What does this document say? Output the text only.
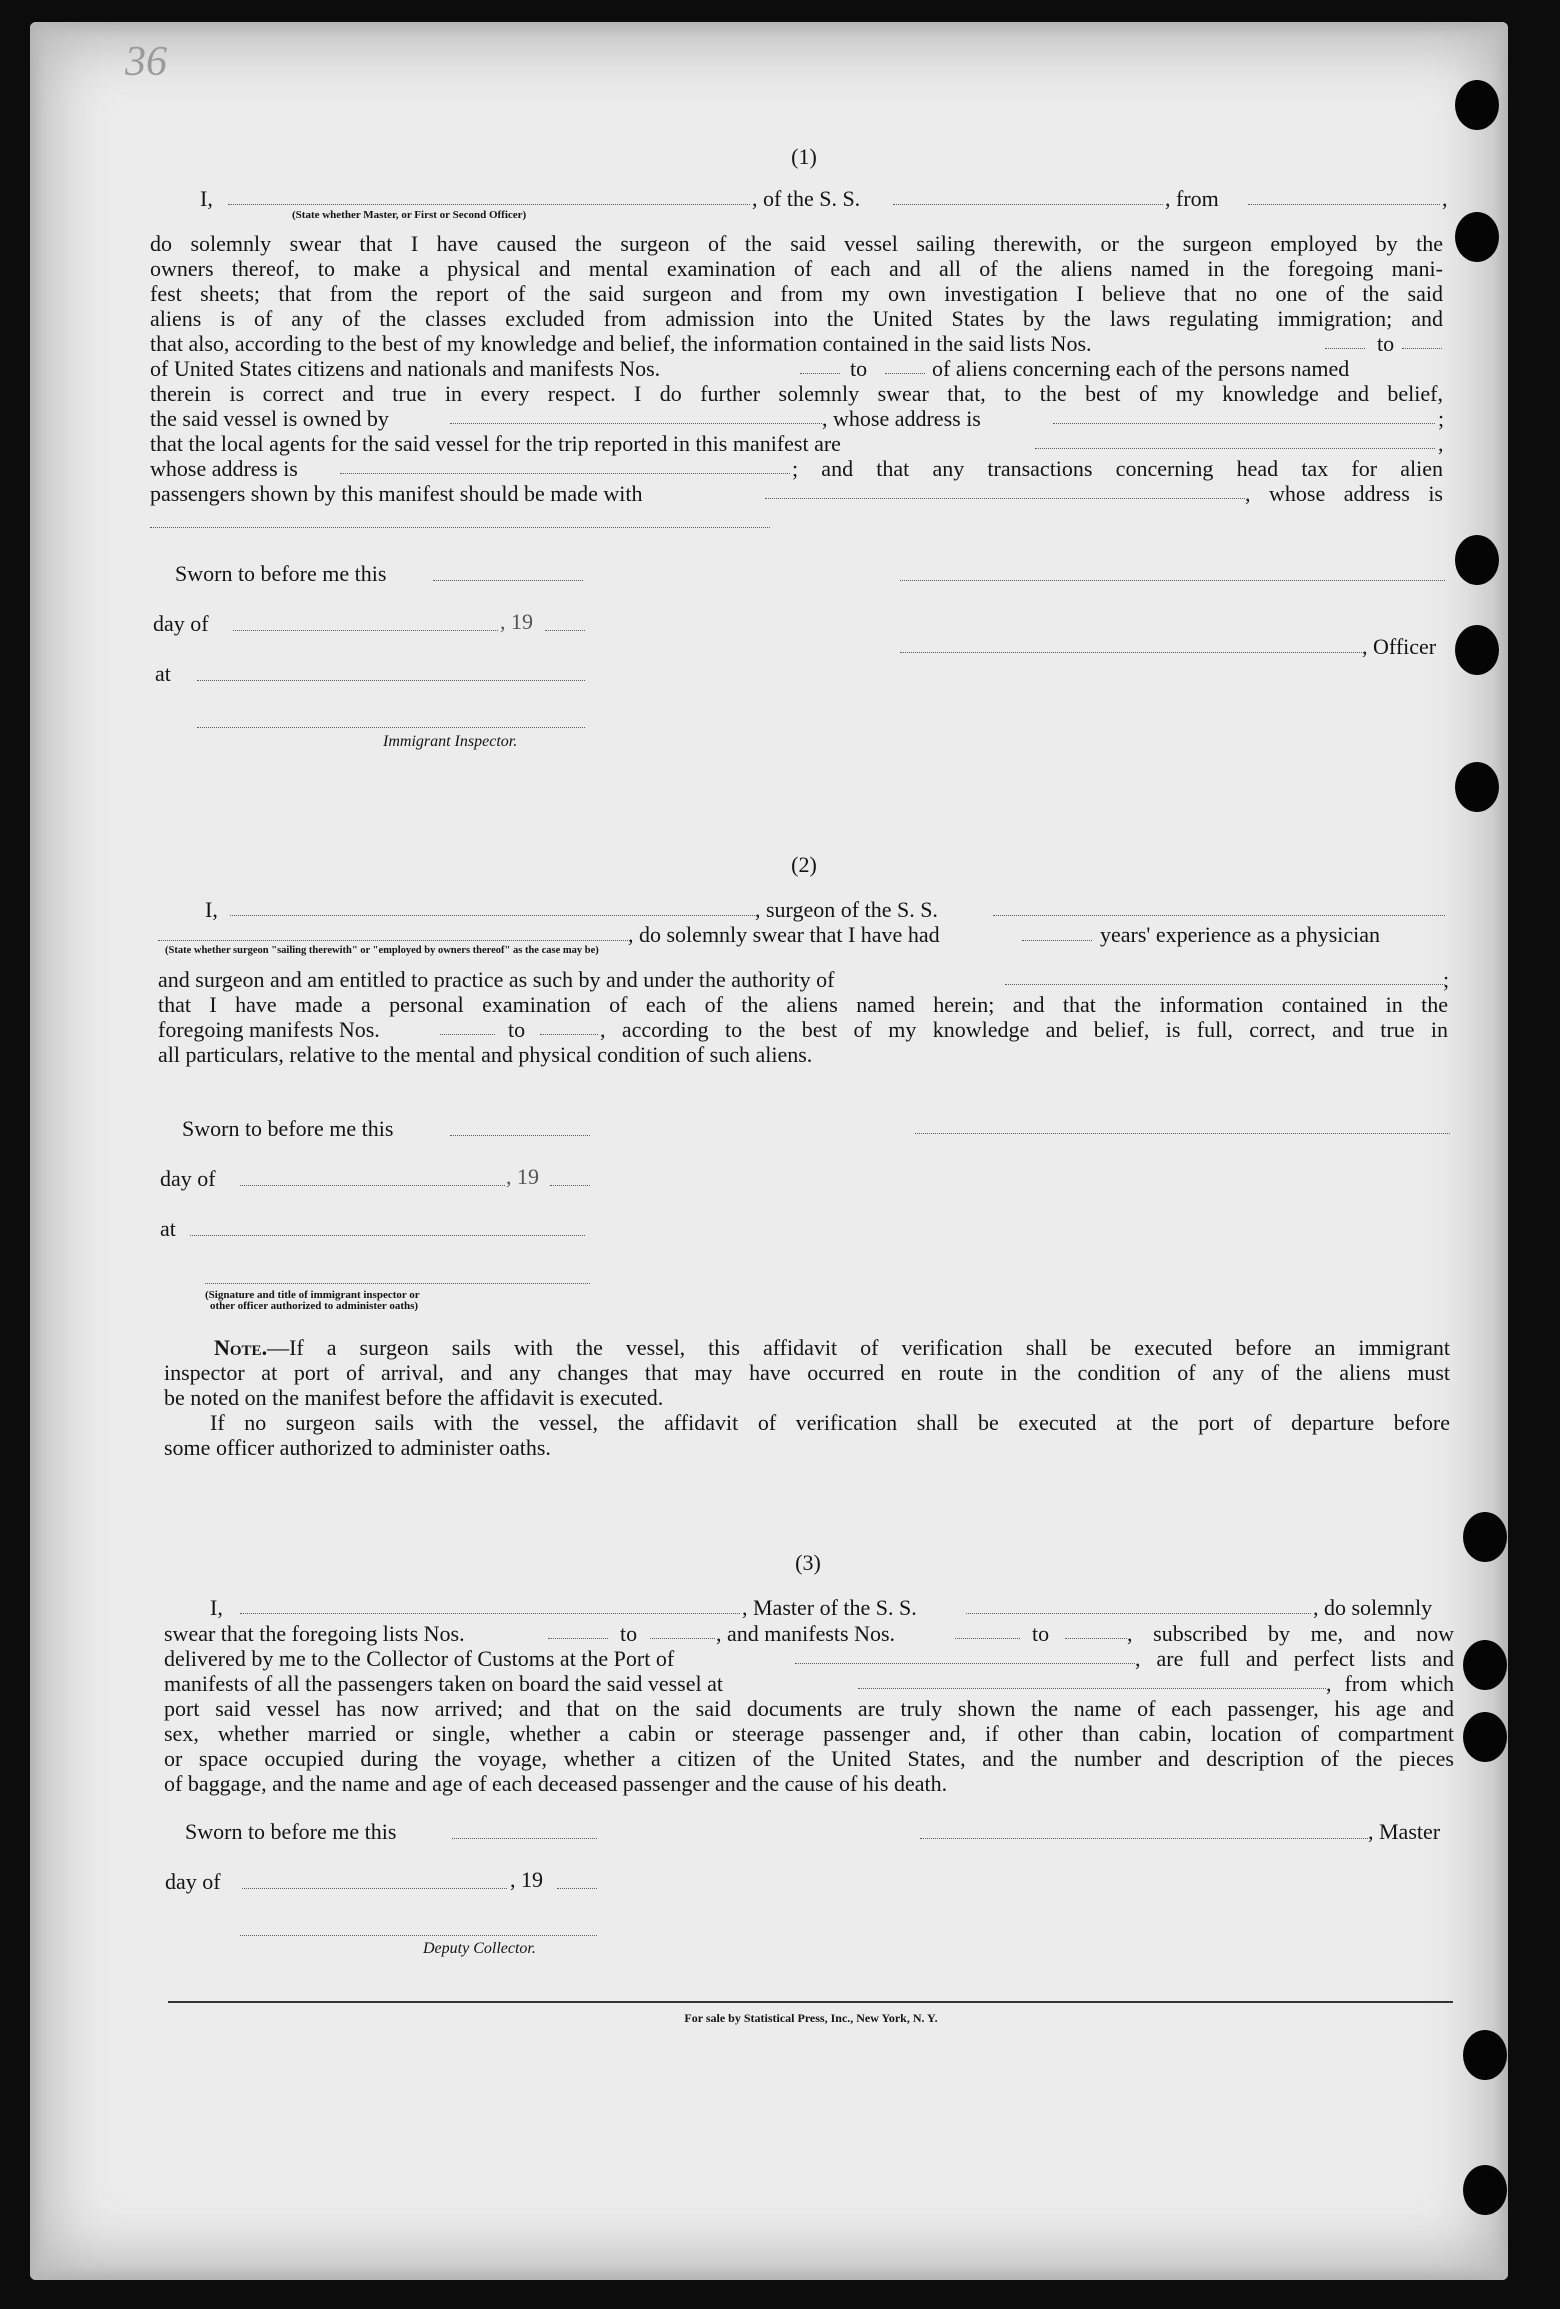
36
(1)
I,
(State whether Master, or First or Second Officer)
, of the S. S.	, from	,
do solemnly swear that I have caused the surgeon of the said vessel sailing therewith, or the surgeon employed by the
owners thereof, to make a physical and mental examination of each and all of the aliens named in the foregoing mani-
fest sheets; that from the report of the said surgeon and from my own investigation I believe that no one of the said
aliens is of any of the classes excluded from admission into the United States by the laws regulating immigration; and
that also, according to the best of my knowledge and belief, the information contained in the said lists Nos.	to
of United States citizens and nationals and manifests Nos.	to	of aliens concerning each of the persons named
therein is correct and true in every respect. I do further solemnly swear that, to the best of my knowledge and belief,
the said vessel is owned by	, whose address is	;
that the local agents for the said vessel for the trip reported in this manifest are	,
whose address is	; and that any transactions concerning head tax for alien
passengers shown by this manifest should be made with	, whose address is
Sworn to before me this
day of	, 19
, Officer
at
Immigrant Inspector.
(2)
I,	, surgeon of the S. S.
, do solemnly swear that I have had	years' experience as a physician
(State whether surgeon "sailing therewith" or "employed by owners thereof" as the case may be)
and surgeon and am entitled to practice as such by and under the authority of	;
that I have made a personal examination of each of the aliens named herein; and that the information contained in the
foregoing manifests Nos.	to	, according to the best of my knowledge and belief, is full, correct, and true in
all particulars, relative to the mental and physical condition of such aliens.
Sworn to before me this
day of	, 19
at
(Signature and title of immigrant inspector or
other officer authorized to administer oaths)
Note.—If a surgeon sails with the vessel, this affidavit of verification shall be executed before an immigrant
inspector at port of arrival, and any changes that may have occurred en route in the condition of any of the aliens must
be noted on the manifest before the affidavit is executed.
If no surgeon sails with the vessel, the affidavit of verification shall be executed at the port of departure before
some officer authorized to administer oaths.
(3)
I,	, Master of the S. S.	, do solemnly
swear that the foregoing lists Nos.	to	, and manifests Nos.	to	, subscribed by me, and now
delivered by me to the Collector of Customs at the Port of	, are full and perfect lists and
manifests of all the passengers taken on board the said vessel at	, from which
port said vessel has now arrived; and that on the said documents are truly shown the name of each passenger, his age and
sex, whether married or single, whether a cabin or steerage passenger and, if other than cabin, location of compartment
or space occupied during the voyage, whether a citizen of the United States, and the number and description of the pieces
of baggage, and the name and age of each deceased passenger and the cause of his death.
Sworn to before me this	, Master
day of	, 19
Deputy Collector.
For sale by Statistical Press, Inc., New York, N. Y.
